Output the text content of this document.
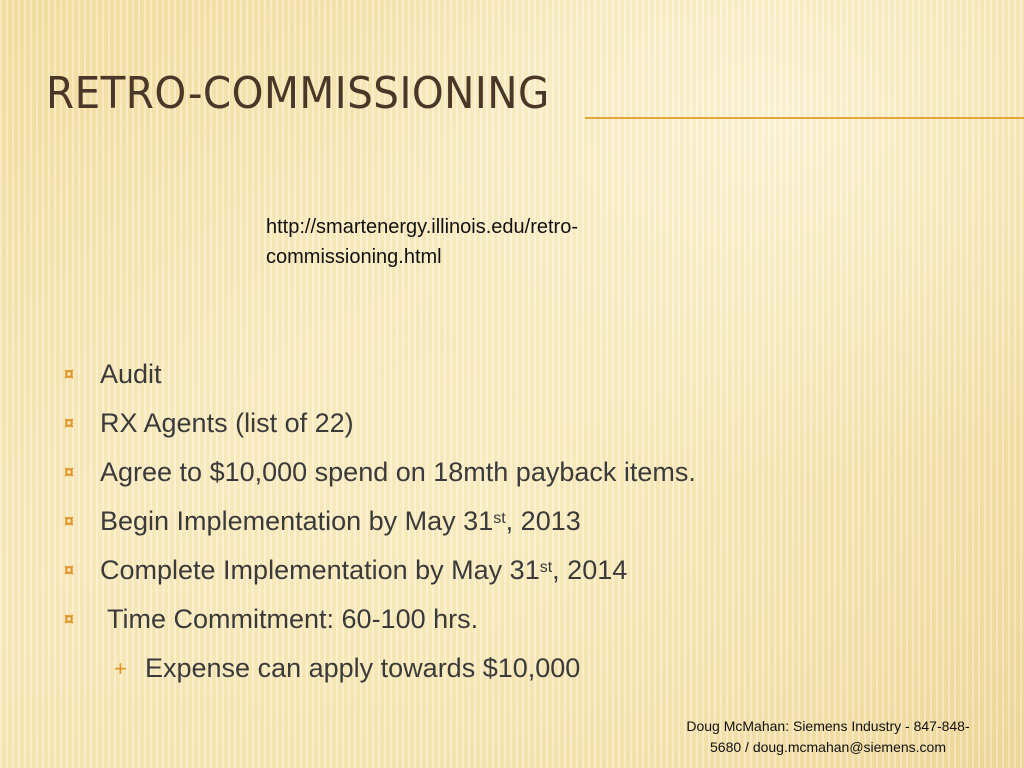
RETRO-COMMISSIONING
http://smartenergy.illinois.edu/retro-
commissioning.html
¤ Audit
¤ RX Agents (list of 22)
¤ Agree to $10,000 spend on 18mth payback items.
¤ Begin Implementation by May 31st, 2013
¤ Complete Implementation by May 31st, 2014
¤ Time Commitment: 60-100 hrs.
+ Expense can apply towards $10,000
Doug McMahan: Siemens Industry - 847-848-
5680 / doug.mcmahan@siemens.com
